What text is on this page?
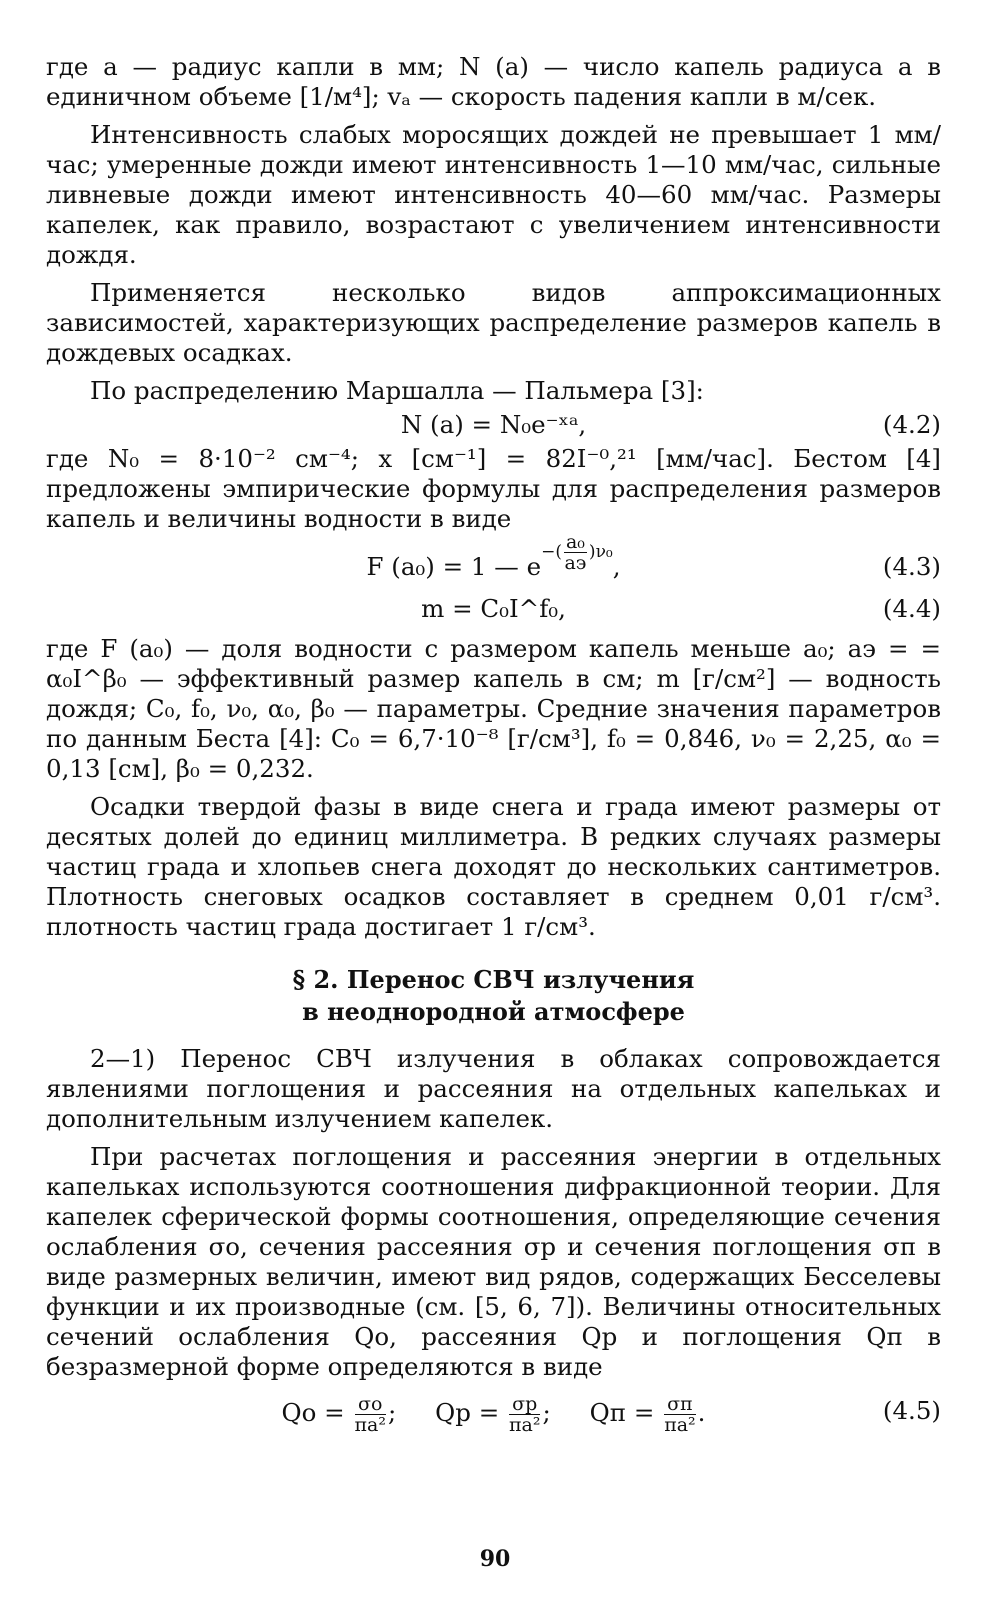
где a — радиус капли в мм; N (a) — число капель радиуса a в единичном объеме [1/м⁴]; vₐ — скорость падения капли в м/сек.

Интенсивность слабых моросящих дождей не превышает 1 мм/час; умеренные дожди имеют интенсивность 1—10 мм/час, сильные ливневые дожди имеют интенсивность 40—60 мм/час. Размеры капелек, как правило, возрастают с увеличением интенсивности дождя.

Применяется несколько видов аппроксимационных зависимостей, характеризующих распределение размеров капель в дождевых осадках.

По распределению Маршалла — Пальмера [3]:

N (a) = N₀e⁻ˣᵃ,	(4.2)

где N₀ = 8·10⁻² см⁻⁴; x [см⁻¹] = 82I⁻⁰,²¹ [мм/час]. Бестом [4] предложены эмпирические формулы для распределения размеров капель и величины водности в виде

F (a₀) = 1 — $e^{-( a_0 aэ )\nu_0}$,	(4.3)
m = C₀I^f₀,	(4.4)

где F (a₀) — доля водности с размером капель меньше a₀; aэ = = α₀I^β₀ — эффективный размер капель в см; m [г/см²] — водность дождя; C₀, f₀, ν₀, α₀, β₀ — параметры. Средние значения параметров по данным Беста [4]: C₀ = 6,7·10⁻⁸ [г/см³], f₀ = 0,846, ν₀ = 2,25, α₀ = 0,13 [см], β₀ = 0,232.

Осадки твердой фазы в виде снега и града имеют размеры от десятых долей до единиц миллиметра. В редких случаях размеры частиц града и хлопьев снега доходят до нескольких сантиметров. Плотность снеговых осадков составляет в среднем 0,01 г/см³. плотность частиц града достигает 1 г/см³.

§ 2. Перенос СВЧ излучения
в неоднородной атмосфере

2—1) Перенос СВЧ излучения в облаках сопровождается явлениями поглощения и рассеяния на отдельных капельках и дополнительным излучением капелек.

При расчетах поглощения и рассеяния энергии в отдельных капельках используются соотношения дифракционной теории. Для капелек сферической формы соотношения, определяющие сечения ослабления σо, сечения рассеяния σр и сечения поглощения σп в виде размерных величин, имеют вид рядов, содержащих Бесселевы функции и их производные (см. [5, 6, 7]). Величины относительных сечений ослабления Qо, рассеяния Qр и поглощения Qп в безразмерной форме определяются в виде

Qо = σо
πa² ;     Qр = σр
πa² ;     Qп = σп
πa² .	(4.5)
90
